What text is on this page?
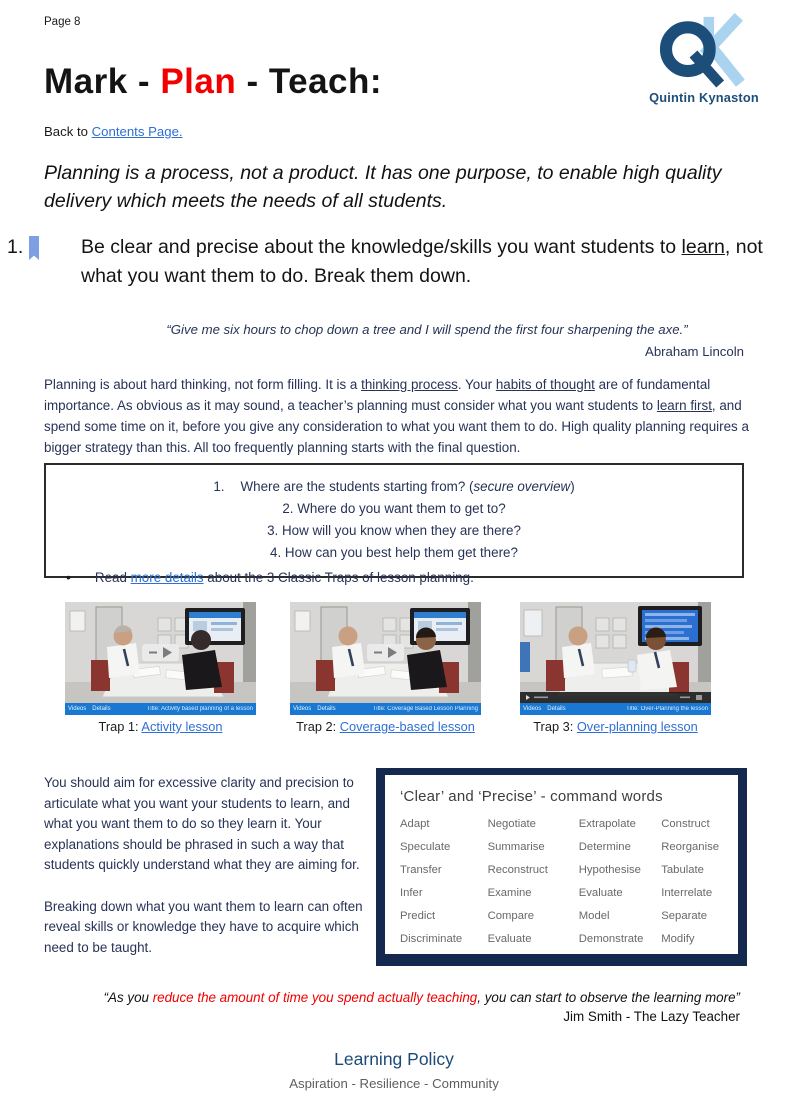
Page 8
Quintin Kynaston
Mark - Plan - Teach:
Back to Contents Page.
Planning is a process, not a product. It has one purpose, to enable high quality delivery which meets the needs of all students.
1.	Be clear and precise about the knowledge/skills you want students to learn, not what you want them to do. Break them down.
“Give me six hours to chop down a tree and I will spend the first four sharpening the axe.”
Abraham Lincoln
Planning is about hard thinking, not form filling. It is a thinking process. Your habits of thought are of fundamental importance. As obvious as it may sound, a teacher’s planning must consider what you want students to learn first, and spend some time on it, before you give any consideration to what you want them to do. High quality planning requires a bigger strategy than this. All too frequently planning starts with the final question.
1. Where are the students starting from? (secure overview)
2. Where do you want them to get to?
3. How will you know when they are there?
4. How can you best help them get there?
• Read more details about the 3 Classic Traps of lesson planning.
Videos Details	Title: Activity based planning of a lesson
Trap 1: Activity lesson
Videos Details	Title: Coverage Based Lesson Planning
Trap 2: Coverage-based lesson
Videos Details	Title: Over-Planning the lesson
Trap 3: Over-planning lesson

You should aim for excessive clarity and precision to articulate what you want your students to learn, and what you want them to do so they learn it. Your explanations should be phrased in such a way that students quickly understand what they are aiming for.

Breaking down what you want them to learn can often reveal skills or knowledge they have to acquire which need to be taught.

‘Clear’ and ‘Precise’ - command words
Adapt	Negotiate	Extrapolate	Construct
Speculate	Summarise	Determine	Reorganise
Transfer	Reconstruct	Hypothesise	Tabulate
Infer	Examine	Evaluate	Interrelate
Predict	Compare	Model	Separate
Discriminate	Evaluate	Demonstrate	Modify
“As you reduce the amount of time you spend actually teaching, you can start to observe the learning more”
Jim Smith - The Lazy Teacher
Learning Policy
Aspiration - Resilience - Community
